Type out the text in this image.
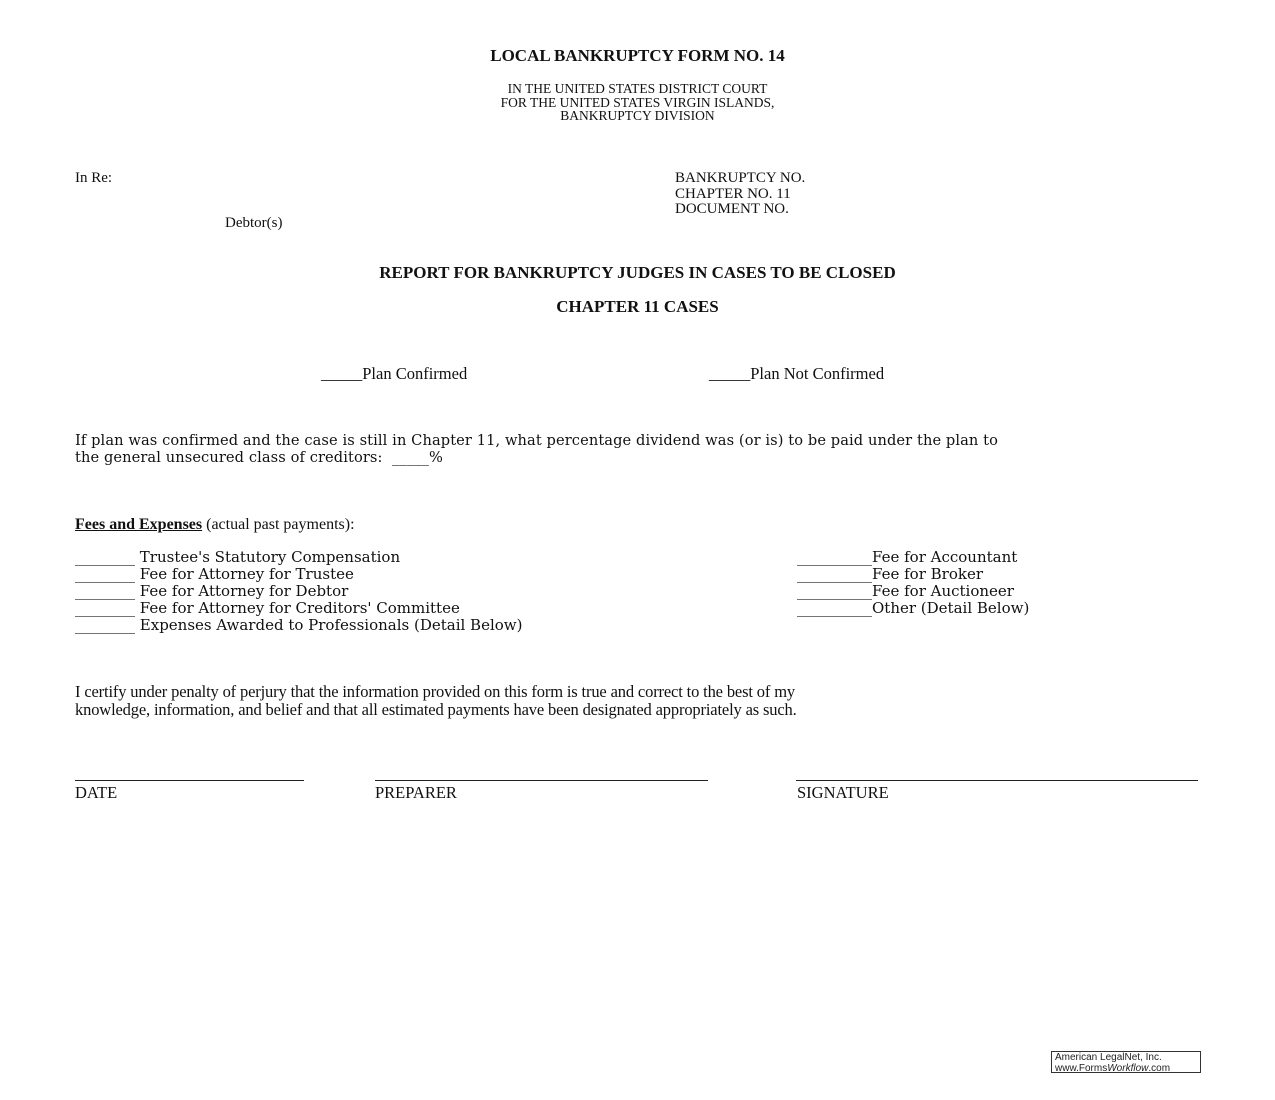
LOCAL BANKRUPTCY FORM NO. 14
IN THE UNITED STATES DISTRICT COURT
FOR THE UNITED STATES VIRGIN ISLANDS,
BANKRUPTCY DIVISION
In Re:
Debtor(s)
BANKRUPTCY NO.
CHAPTER NO. 11
DOCUMENT NO.
REPORT FOR BANKRUPTCY JUDGES IN CASES TO BE CLOSED
CHAPTER 11 CASES
_____Plan Confirmed	_____Plan Not Confirmed
If plan was confirmed and the case is still in Chapter 11, what percentage dividend was (or is) to be paid under the plan to
the general unsecured class of creditors:  _____%
Fees and Expenses (actual past payments):
________ Trustee's Statutory Compensation
________ Fee for Attorney for Trustee
________ Fee for Attorney for Debtor
________ Fee for Attorney for Creditors' Committee
________ Expenses Awarded to Professionals (Detail Below)
__________Fee for Accountant
__________Fee for Broker
__________Fee for Auctioneer
__________Other (Detail Below)
I certify under penalty of perjury that the information provided on this form is true and correct to the best of my
knowledge, information, and belief and that all estimated payments have been designated appropriately as such.
DATE	PREPARER	SIGNATURE
American LegalNet, Inc.
www.FormsWorkflow.com
